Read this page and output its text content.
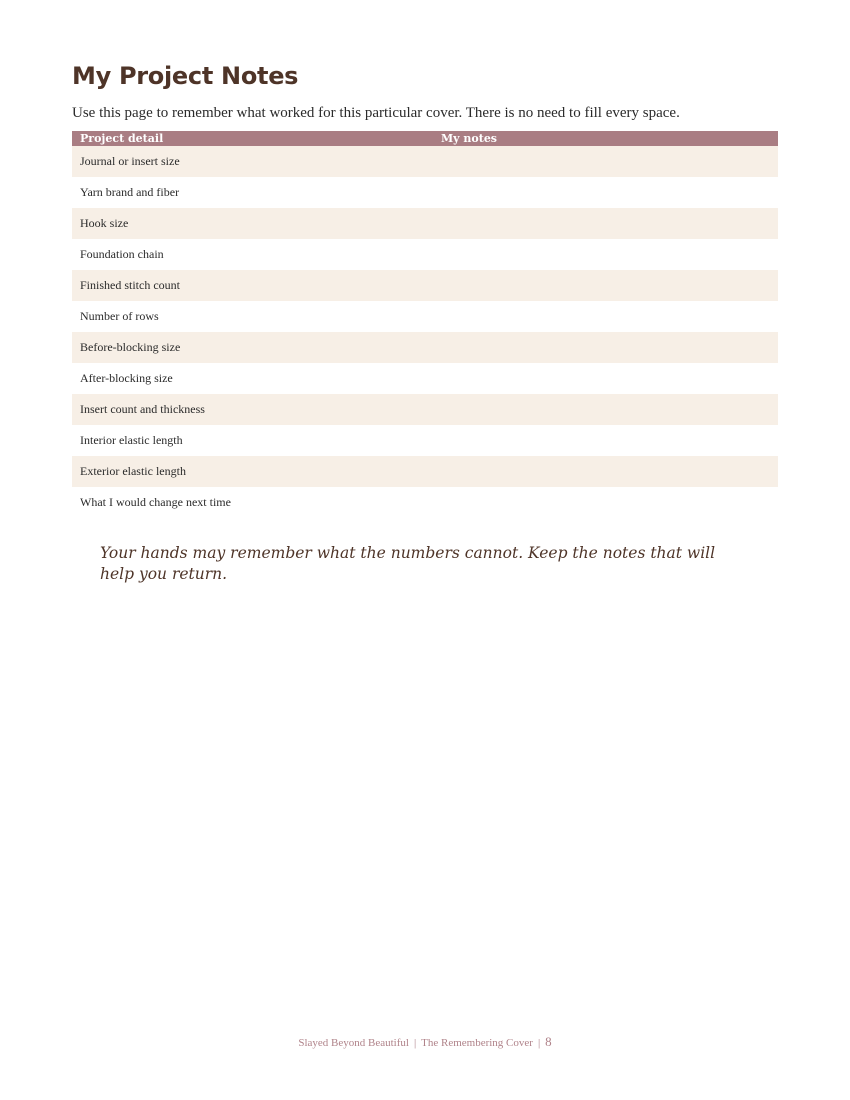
My Project Notes

Use this page to remember what worked for this particular cover. There is no need to fill every space.

Project detail	My notes
Journal or insert size	
Yarn brand and fiber	
Hook size	
Foundation chain	
Finished stitch count	
Number of rows	
Before-blocking size	
After-blocking size	
Insert count and thickness	
Interior elastic length	
Exterior elastic length	
What I would change next time	

Your hands may remember what the numbers cannot. Keep the notes that will help you return.

Slayed Beyond Beautiful | The Remembering Cover | 8
